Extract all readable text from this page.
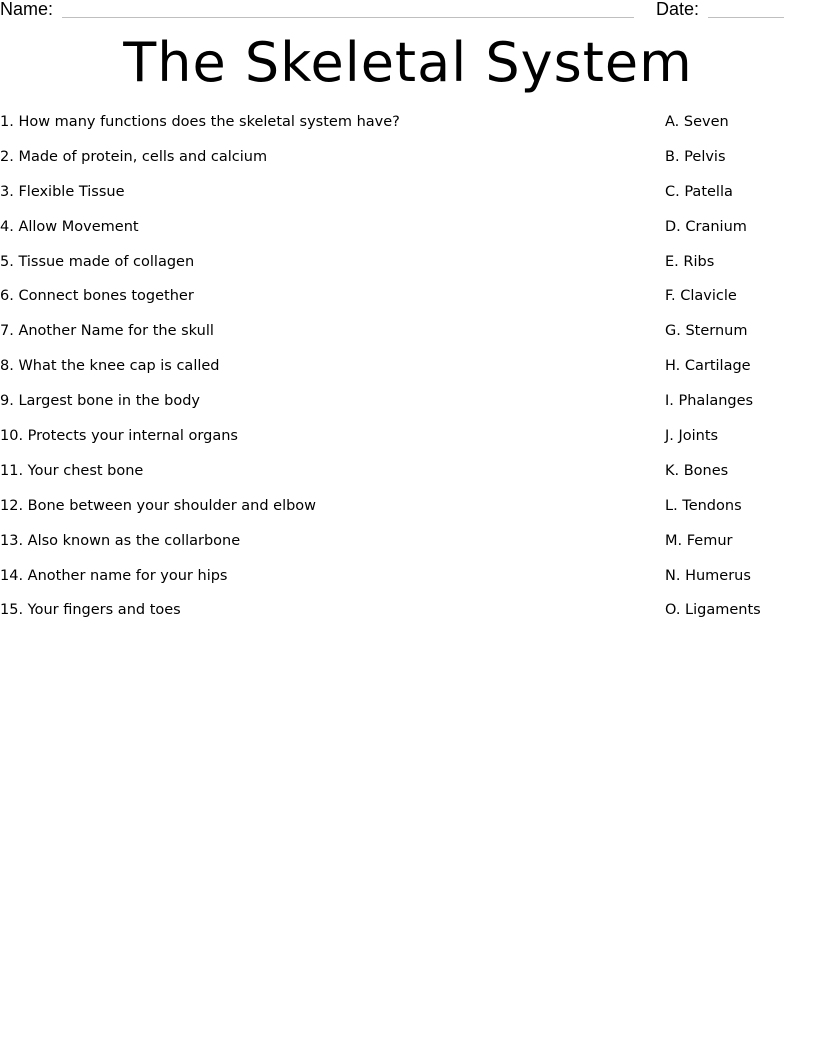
Name:	Date:
The Skeletal System
1. How many functions does the skeletal system have?
2. Made of protein, cells and calcium
3. Flexible Tissue
4. Allow Movement
5. Tissue made of collagen
6. Connect bones together
7. Another Name for the skull
8. What the knee cap is called
9. Largest bone in the body
10. Protects your internal organs
11. Your chest bone
12. Bone between your shoulder and elbow
13. Also known as the collarbone
14. Another name for your hips
15. Your fingers and toes
A. Seven
B. Pelvis
C. Patella
D. Cranium
E. Ribs
F. Clavicle
G. Sternum
H. Cartilage
I. Phalanges
J. Joints
K. Bones
L. Tendons
M. Femur
N. Humerus
O. Ligaments
